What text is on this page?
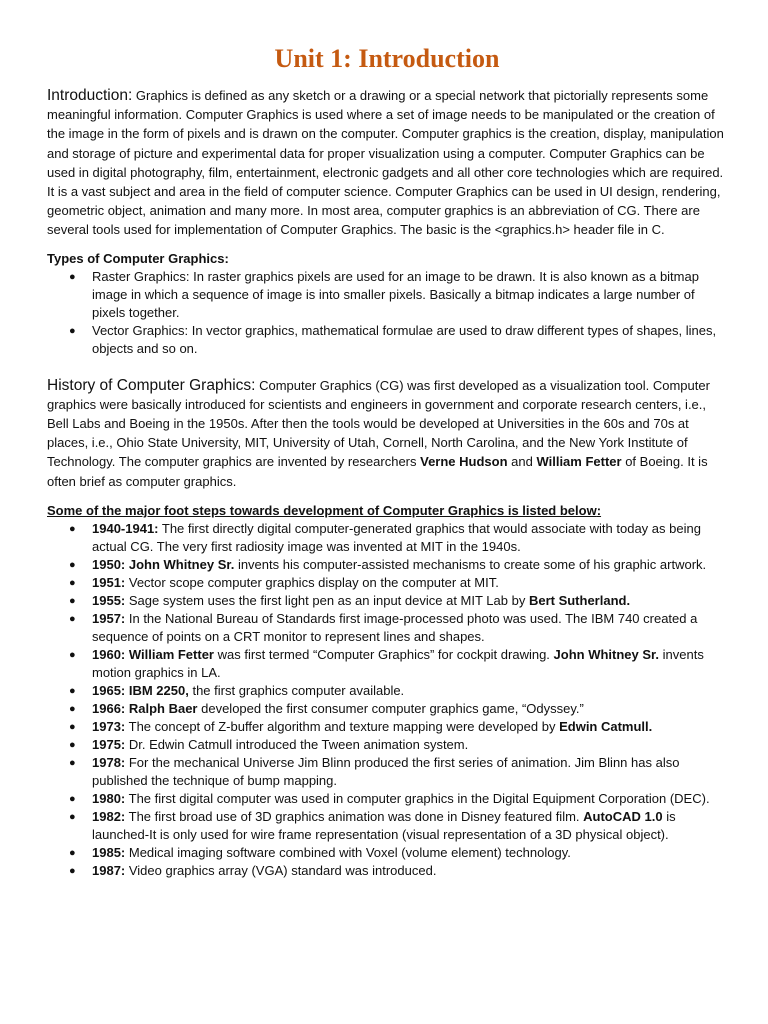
Unit 1: Introduction

Introduction: Graphics is defined as any sketch or a drawing or a special network that pictorially represents some meaningful information. Computer Graphics is used where a set of image needs to be manipulated or the creation of the image in the form of pixels and is drawn on the computer. Computer graphics is the creation, display, manipulation and storage of picture and experimental data for proper visualization using a computer. Computer Graphics can be used in digital photography, film, entertainment, electronic gadgets and all other core technologies which are required. It is a vast subject and area in the field of computer science. Computer Graphics can be used in UI design, rendering, geometric object, animation and many more. In most area, computer graphics is an abbreviation of CG. There are several tools used for implementation of Computer Graphics. The basic is the <graphics.h> header file in C.

Types of Computer Graphics:

● Raster Graphics: In raster graphics pixels are used for an image to be drawn. It is also known as a bitmap image in which a sequence of image is into smaller pixels. Basically a bitmap indicates a large number of pixels together.
● Vector Graphics: In vector graphics, mathematical formulae are used to draw different types of shapes, lines, objects and so on.

History of Computer Graphics: Computer Graphics (CG) was first developed as a visualization tool. Computer graphics were basically introduced for scientists and engineers in government and corporate research centers, i.e., Bell Labs and Boeing in the 1950s. After then the tools would be developed at Universities in the 60s and 70s at places, i.e., Ohio State University, MIT, University of Utah, Cornell, North Carolina, and the New York Institute of Technology. The computer graphics are invented by researchers Verne Hudson and William Fetter of Boeing. It is often brief as computer graphics.

Some of the major foot steps towards development of Computer Graphics is listed below:

● 1940-1941: The first directly digital computer-generated graphics that would associate with today as being actual CG. The very first radiosity image was invented at MIT in the 1940s.
● 1950: John Whitney Sr. invents his computer-assisted mechanisms to create some of his graphic artwork.
● 1951: Vector scope computer graphics display on the computer at MIT.
● 1955: Sage system uses the first light pen as an input device at MIT Lab by Bert Sutherland.
● 1957: In the National Bureau of Standards first image-processed photo was used. The IBM 740 created a sequence of points on a CRT monitor to represent lines and shapes.
● 1960: William Fetter was first termed “Computer Graphics” for cockpit drawing. John Whitney Sr. invents motion graphics in LA.
● 1965: IBM 2250, the first graphics computer available.
● 1966: Ralph Baer developed the first consumer computer graphics game, “Odyssey.”
● 1973: The concept of Z-buffer algorithm and texture mapping were developed by Edwin Catmull.
● 1975: Dr. Edwin Catmull introduced the Tween animation system.
● 1978: For the mechanical Universe Jim Blinn produced the first series of animation. Jim Blinn has also published the technique of bump mapping.
● 1980: The first digital computer was used in computer graphics in the Digital Equipment Corporation (DEC).
● 1982: The first broad use of 3D graphics animation was done in Disney featured film. AutoCAD 1.0 is launched-It is only used for wire frame representation (visual representation of a 3D physical object).
● 1985: Medical imaging software combined with Voxel (volume element) technology.
● 1987: Video graphics array (VGA) standard was introduced.
